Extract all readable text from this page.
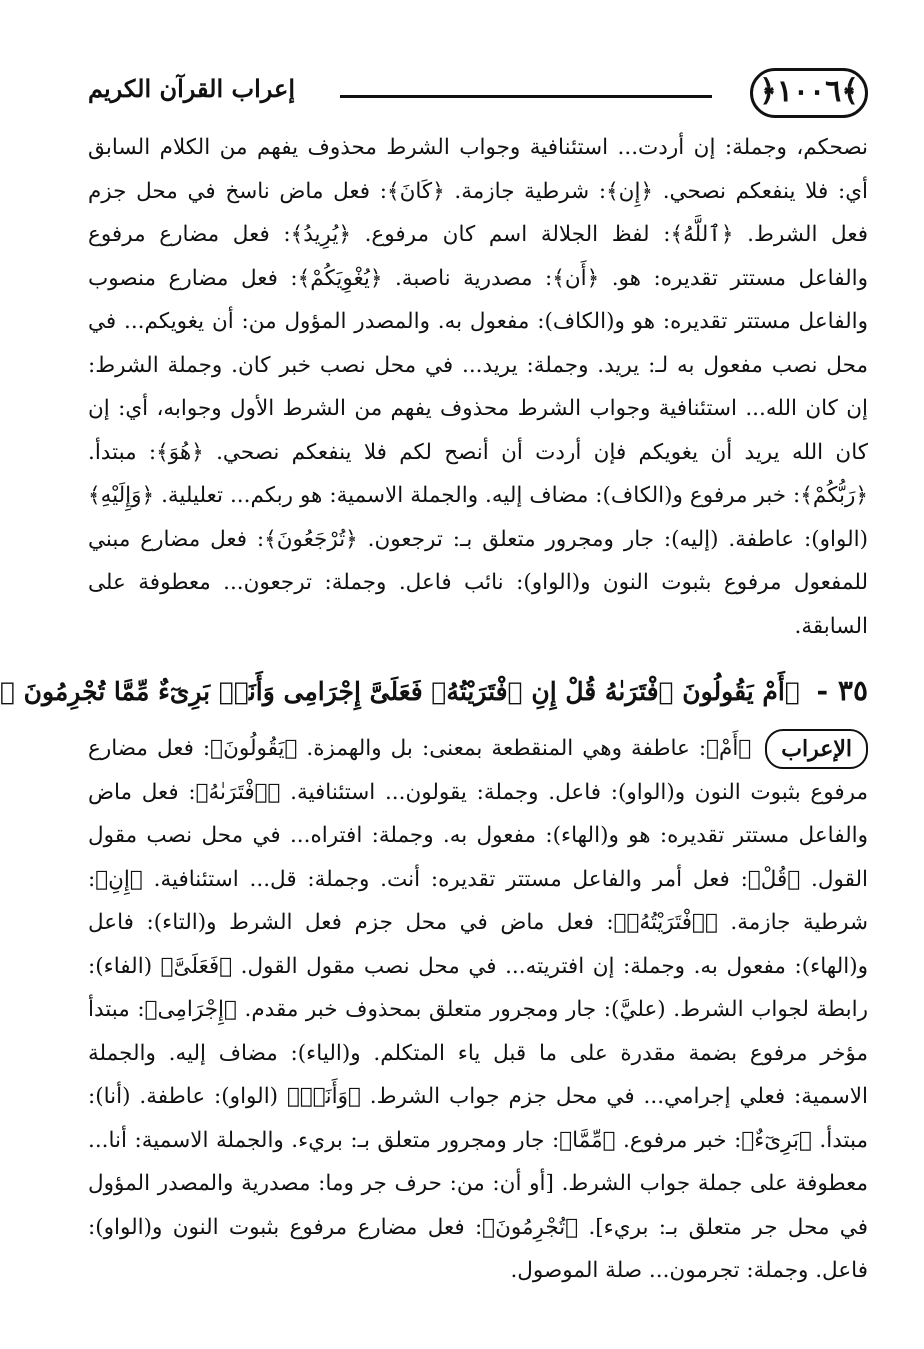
﴿١٠٠٦﴾
إعراب القرآن الكريم

نصحكم، وجملة: إن أردت... استئنافية وجواب الشرط محذوف يفهم من الكلام السابق أي: فلا ينفعكم نصحي. ﴿إِن﴾: شرطية جازمة. ﴿كَانَ﴾: فعل ماض ناسخ في محل جزم فعل الشرط. ﴿ٱللَّهُ﴾: لفظ الجلالة اسم كان مرفوع. ﴿يُرِيدُ﴾: فعل مضارع مرفوع والفاعل مستتر تقديره: هو. ﴿أَن﴾: مصدرية ناصبة. ﴿يُغْوِيَكُمْ﴾: فعل مضارع منصوب والفاعل مستتر تقديره: هو و(الكاف): مفعول به. والمصدر المؤول من: أن يغويكم... في محل نصب مفعول به لـ: يريد. وجملة: يريد... في محل نصب خبر كان. وجملة الشرط: إن كان الله... استئنافية وجواب الشرط محذوف يفهم من الشرط الأول وجوابه، أي: إن كان الله يريد أن يغويكم فإن أردت أن أنصح لكم فلا ينفعكم نصحي. ﴿هُوَ﴾: مبتدأ. ﴿رَبُّكُمْ﴾: خبر مرفوع و(الكاف): مضاف إليه. والجملة الاسمية: هو ربكم... تعليلية. ﴿وَإِلَيْهِ﴾ (الواو): عاطفة. (إليه): جار ومجرور متعلق بـ: ترجعون. ﴿تُرْجَعُونَ﴾: فعل مضارع مبني للمفعول مرفوع بثبوت النون و(الواو): نائب فاعل. وجملة: ترجعون... معطوفة على السابقة.

٣٥ - ﴿أَمْ يَقُولُونَ ٱفْتَرَىٰهُ قُلْ إِنِ ٱفْتَرَيْتُهُۥ فَعَلَىَّ إِجْرَامِى وَأَنَا۠ بَرِىٓءٌ مِّمَّا تُجْرِمُونَ ﴿

الإعراب
﴿أَمْ﴾: عاطفة وهي المنقطعة بمعنى: بل والهمزة. ﴿يَقُولُونَ﴾: فعل مضارع مرفوع بثبوت النون و(الواو): فاعل. وجملة: يقولون... استئنافية. ﴿ٱفْتَرَىٰهُ﴾: فعل ماض والفاعل مستتر تقديره: هو و(الهاء): مفعول به. وجملة: افتراه... في محل نصب مقول القول. ﴿قُلْ﴾: فعل أمر والفاعل مستتر تقديره: أنت. وجملة: قل... استئنافية. ﴿إِنِ﴾: شرطية جازمة. ﴿ٱفْتَرَيْتُهُۥ﴾: فعل ماض في محل جزم فعل الشرط و(التاء): فاعل و(الهاء): مفعول به. وجملة: إن افتريته... في محل نصب مقول القول. ﴿فَعَلَىَّ﴾ (الفاء): رابطة لجواب الشرط. (عليَّ): جار ومجرور متعلق بمحذوف خبر مقدم. ﴿إِجْرَامِى﴾: مبتدأ مؤخر مرفوع بضمة مقدرة على ما قبل ياء المتكلم. و(الياء): مضاف إليه. والجملة الاسمية: فعلي إجرامي... في محل جزم جواب الشرط. ﴿وَأَنَا۠﴾ (الواو): عاطفة. (أنا): مبتدأ. ﴿بَرِىٓءٌ﴾: خبر مرفوع. ﴿مِّمَّا﴾: جار ومجرور متعلق بـ: بريء. والجملة الاسمية: أنا... معطوفة على جملة جواب الشرط. [أو أن: من: حرف جر وما: مصدرية والمصدر المؤول في محل جر متعلق بـ: بريء]. ﴿تُجْرِمُونَ﴾: فعل مضارع مرفوع بثبوت النون و(الواو): فاعل. وجملة: تجرمون... صلة الموصول.
